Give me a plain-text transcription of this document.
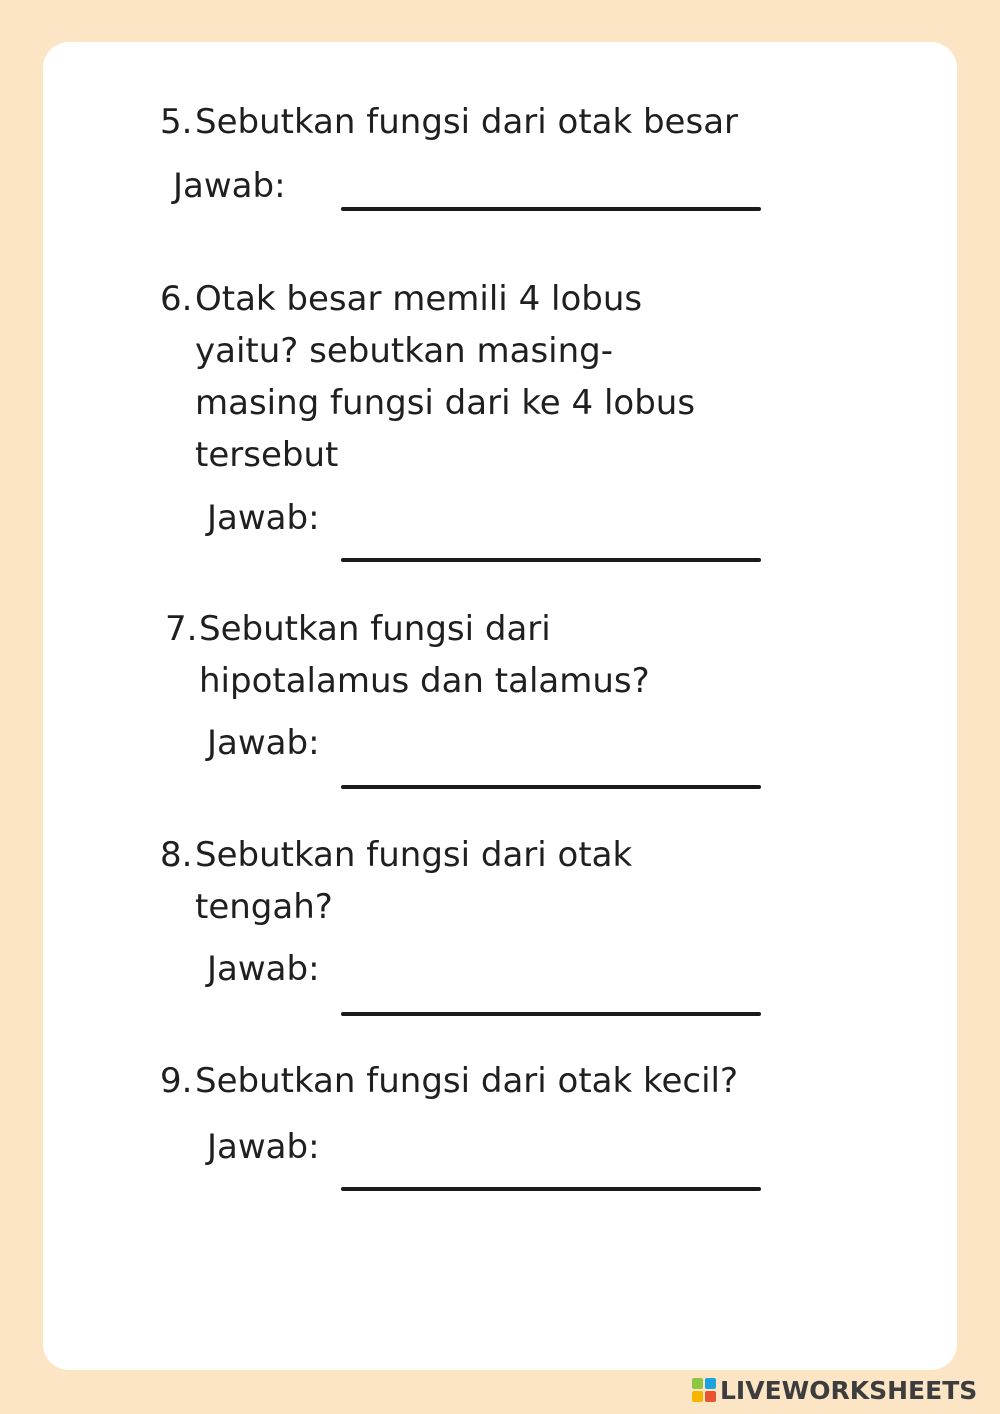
5. Sebutkan fungsi dari otak besar
Jawab:
6. Otak besar memili 4 lobus
yaitu? sebutkan masing-
masing fungsi dari ke 4 lobus
tersebut
Jawab:
7. Sebutkan fungsi dari
hipotalamus dan talamus?
Jawab:
8. Sebutkan fungsi dari otak
tengah?
Jawab:
9. Sebutkan fungsi dari otak kecil?
Jawab:
LIVEWORKSHEETS
